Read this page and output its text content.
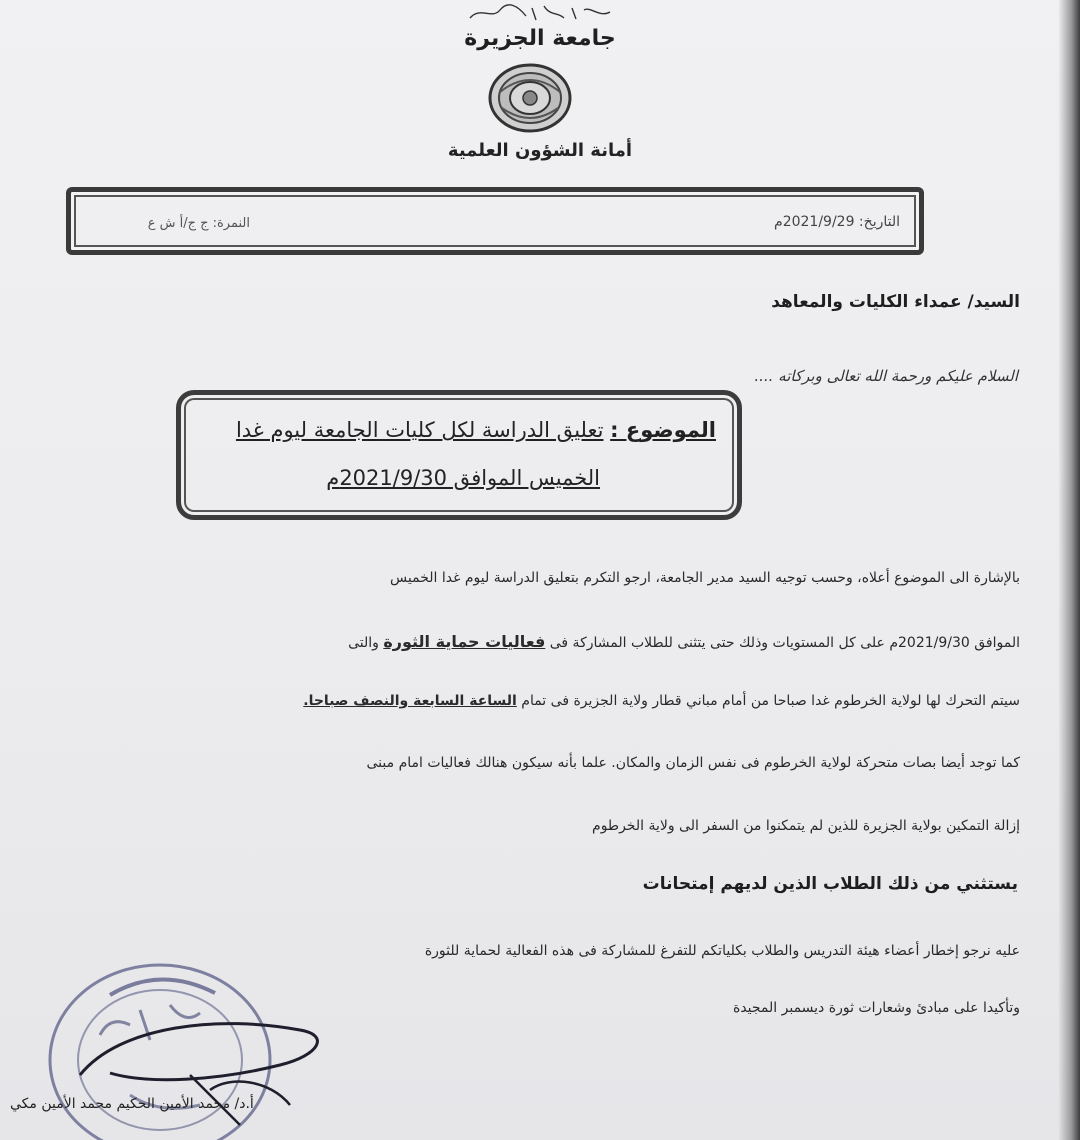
جامعة الجزيرة
أمانة الشؤون العلمية
التاريخ: 2021/9/29م
النمرة: ج ج/أ ش ع
السيد/ عمداء الكليات والمعاهد
السلام عليكم ورحمة الله تعالى وبركاته ....
الموضوع : تعليق الدراسة لكل كليات الجامعة ليوم غدا
الخميس الموافق 2021/9/30م
بالإشارة الى الموضوع أعلاه، وحسب توجيه السيد مدير الجامعة، ارجو التكرم بتعليق الدراسة ليوم غدا الخميس
الموافق 2021/9/30م على كل المستويات وذلك حتى يتثنى للطلاب المشاركة فى فعاليات حماية الثورة والتى
سيتم التحرك لها لولاية الخرطوم غدا صباحا من أمام مباني قطار ولاية الجزيرة فى تمام الساعة السابعة والنصف صباحا.
كما توجد أيضا بصات متحركة لولاية الخرطوم فى نفس الزمان والمكان. علما بأنه سيكون هنالك فعاليات امام مبنى
إزالة التمكين بولاية الجزيرة للذين لم يتمكنوا من السفر الى ولاية الخرطوم
يستثني من ذلك الطلاب الذين لديهم إمتحانات
عليه نرجو إخطار أعضاء هيئة التدريس والطلاب بكلياتكم للتفرغ للمشاركة فى هذه الفعالية لحماية للثورة
وتأكيدا على مبادئ وشعارات ثورة ديسمبر المجيدة
أ.د/ محمد الأمين الحكيم محمد الأمين مكي
